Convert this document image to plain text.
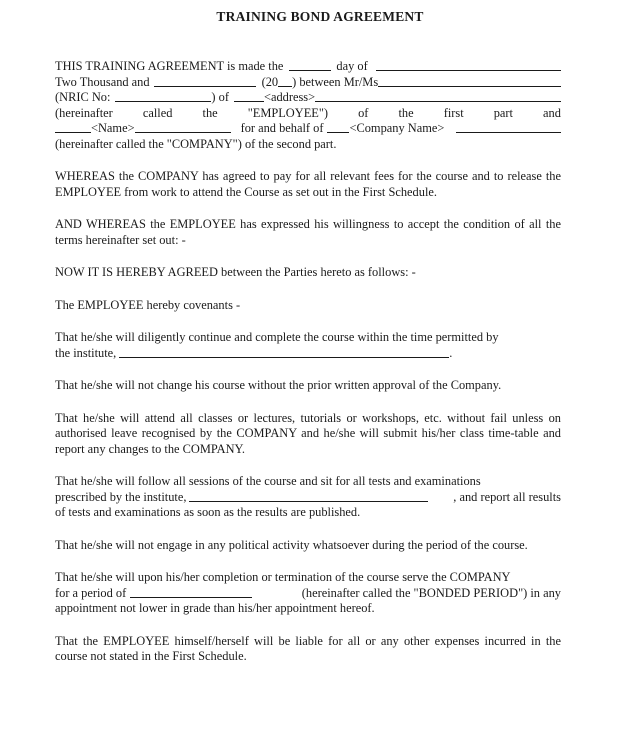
TRAINING BOND AGREEMENT
THIS TRAINING AGREEMENT is made the	day of
Two Thousand and	(20 ) between Mr/Ms
(NRIC No:	) of	<address>
(hereinafter called the "EMPLOYEE") of the first part and
<Name>	for and behalf of <Company Name>
(hereinafter called the "COMPANY") of the second part.
WHEREAS the COMPANY has agreed to pay for all relevant fees for the course and to release the EMPLOYEE from work to attend the Course as set out in the First Schedule.
AND WHEREAS the EMPLOYEE has expressed his willingness to accept the condition of all the terms hereinafter set out: -
NOW IT IS HEREBY AGREED between the Parties hereto as follows: -
The EMPLOYEE hereby covenants -
That he/she will diligently continue and complete the course within the time permitted by
the institute,	.
That he/she will not change his course without the prior written approval of the Company.
That he/she will attend all classes or lectures, tutorials or workshops, etc. without fail unless on authorised leave recognised by the COMPANY and he/she will submit his/her class time-table and report any changes to the COMPANY.
That he/she will follow all sessions of the course and sit for all tests and examinations
prescribed by the institute,	, and report all results
of tests and examinations as soon as the results are published.
That he/she will not engage in any political activity whatsoever during the period of the course.
That he/she will upon his/her completion or termination of the course serve the COMPANY
for a period of	(hereinafter called the "BONDED PERIOD") in any
appointment not lower in grade than his/her appointment hereof.
That the EMPLOYEE himself/herself will be liable for all or any other expenses incurred in the course not stated in the First Schedule.
